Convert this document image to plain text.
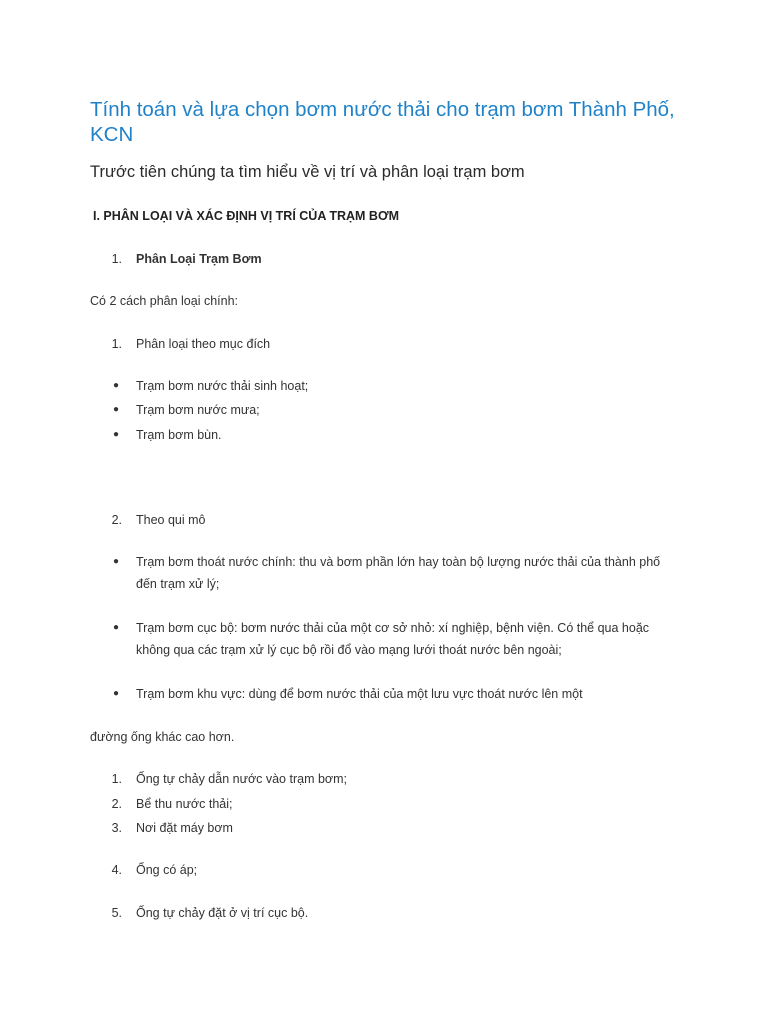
Tính toán và lựa chọn bơm nước thải cho trạm bơm Thành Phố, KCN
Trước tiên chúng ta tìm hiểu về vị trí và phân loại trạm bơm
I. PHÂN LOẠI VÀ XÁC ĐỊNH VỊ TRÍ CỦA TRẠM BƠM
1. Phân Loại Trạm Bơm

Có 2 cách phân loại chính:

1. Phân loại theo mục đích
● Trạm bơm nước thải sinh hoạt;
● Trạm bơm nước mưa;
● Trạm bơm bùn.
2. Theo qui mô
● Trạm bơm thoát nước chính: thu và bơm phần lớn hay toàn bộ lượng nước thải của thành phố đến trạm xử lý;
● Trạm bơm cục bộ: bơm nước thải của một cơ sở nhỏ: xí nghiệp, bệnh viện. Có thể qua hoặc không qua các trạm xử lý cục bộ rồi đổ vào mạng lưới thoát nước bên ngoài;
● Trạm bơm khu vực: dùng để bơm nước thải của một lưu vực thoát nước lên một

đường ống khác cao hơn.

1. Ống tự chảy dẫn nước vào trạm bơm;
2. Bể thu nước thải;
3. Nơi đặt máy bơm
4. Ống có áp;
5. Ống tự chảy đặt ở vị trí cục bộ.
